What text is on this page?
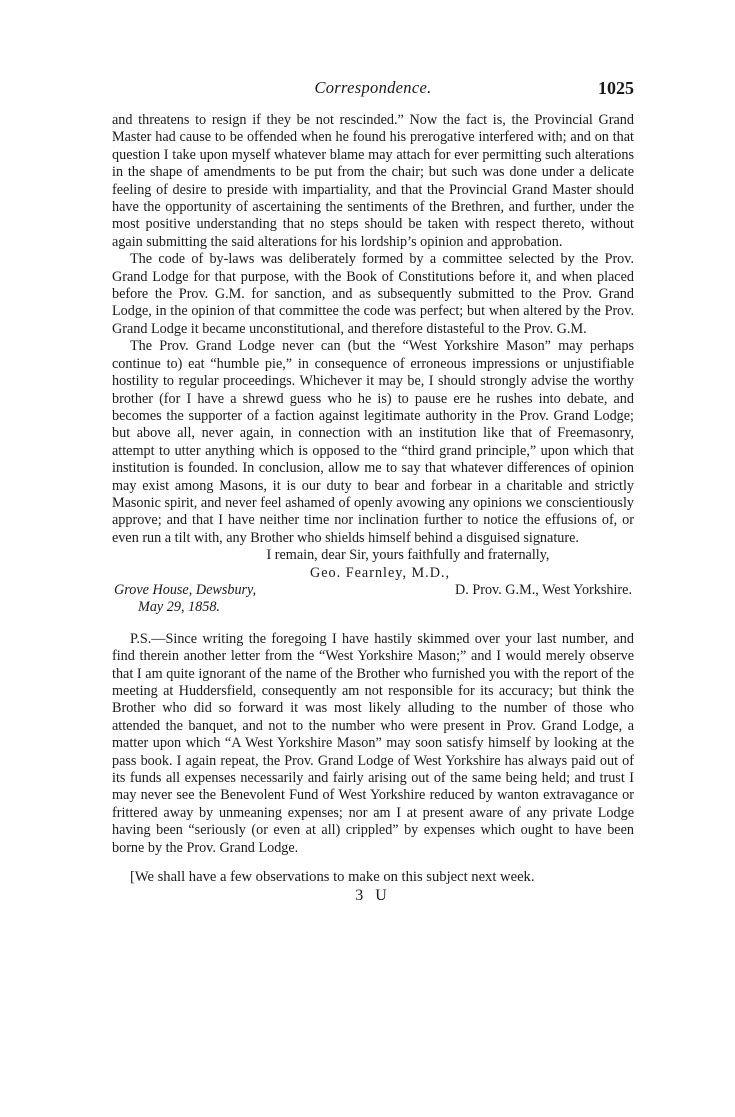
Correspondence.	1025

and threatens to resign if they be not rescinded.” Now the fact is, the Provincial Grand Master had cause to be offended when he found his prerogative interfered with; and on that question I take upon myself whatever blame may attach for ever permitting such alterations in the shape of amendments to be put from the chair; but such was done under a delicate feeling of desire to preside with impartiality, and that the Provincial Grand Master should have the opportunity of ascertaining the sentiments of the Brethren, and further, under the most positive understanding that no steps should be taken with respect thereto, without again submitting the said alterations for his lordship’s opinion and approbation.

The code of by-laws was deliberately formed by a committee selected by the Prov. Grand Lodge for that purpose, with the Book of Constitutions before it, and when placed before the Prov. G.M. for sanction, and as subsequently submitted to the Prov. Grand Lodge, in the opinion of that committee the code was perfect; but when altered by the Prov. Grand Lodge it became unconstitutional, and therefore distasteful to the Prov. G.M.

The Prov. Grand Lodge never can (but the “West Yorkshire Mason” may perhaps continue to) eat “humble pie,” in consequence of erroneous impressions or unjustifiable hostility to regular proceedings. Whichever it may be, I should strongly advise the worthy brother (for I have a shrewd guess who he is) to pause ere he rushes into debate, and becomes the supporter of a faction against legitimate authority in the Prov. Grand Lodge; but above all, never again, in connection with an institution like that of Freemasonry, attempt to utter anything which is opposed to the “third grand principle,” upon which that institution is founded. In conclusion, allow me to say that whatever differences of opinion may exist among Masons, it is our duty to bear and forbear in a charitable and strictly Masonic spirit, and never feel ashamed of openly avowing any opinions we conscientiously approve; and that I have neither time nor inclination further to notice the effusions of, or even run a tilt with, any Brother who shields himself behind a disguised signature.

I remain, dear Sir, yours faithfully and fraternally,

Geo. Fearnley, M.D.,
Grove House, Dewsbury,	D. Prov. G.M., West Yorkshire.
May 29, 1858.

P.S.—Since writing the foregoing I have hastily skimmed over your last number, and find therein another letter from the “West Yorkshire Mason;” and I would merely observe that I am quite ignorant of the name of the Brother who furnished you with the report of the meeting at Huddersfield, consequently am not responsible for its accuracy; but think the Brother who did so forward it was most likely alluding to the number of those who attended the banquet, and not to the number who were present in Prov. Grand Lodge, a matter upon which “A West Yorkshire Mason” may soon satisfy himself by looking at the pass book. I again repeat, the Prov. Grand Lodge of West Yorkshire has always paid out of its funds all expenses necessarily and fairly arising out of the same being held; and trust I may never see the Benevolent Fund of West Yorkshire reduced by wanton extravagance or frittered away by unmeaning expenses; nor am I at present aware of any private Lodge having been “seriously (or even at all) crippled” by expenses which ought to have been borne by the Prov. Grand Lodge.

[We shall have a few observations to make on this subject next week.

3 U
